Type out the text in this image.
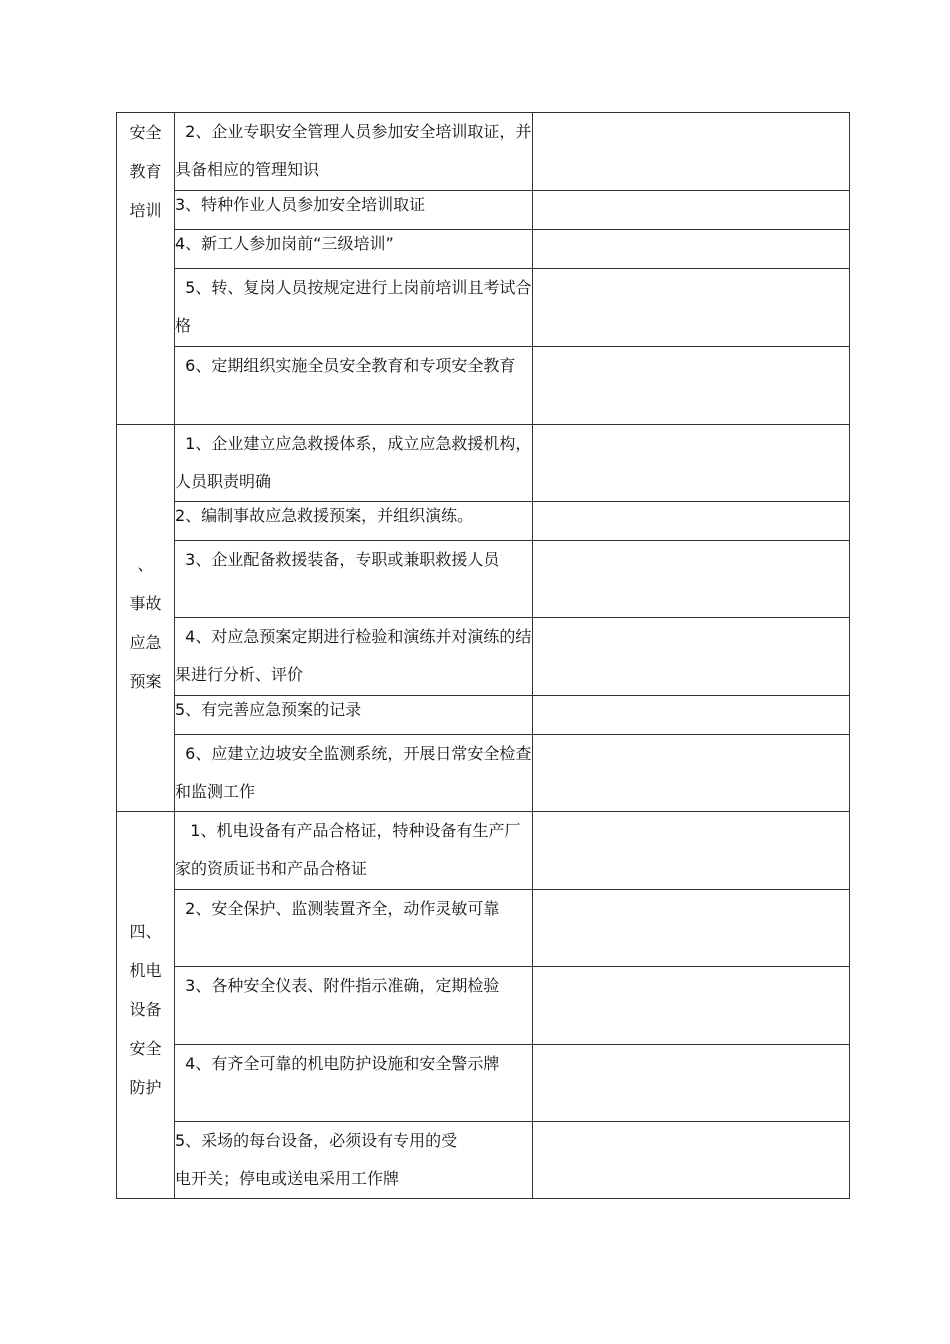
安全
教育
培训	2、企业专职安全管理人员参加安全培训取证，并具备相应的管理知识	

	3、特种作业人员参加安全培训取证	

	4、新工人参加岗前“三级培训”	

	5、转、复岗人员按规定进行上岗前培训且考试合格	

	6、定期组织实施全员安全教育和专项安全教育	

、
事故
应急
预案	1、企业建立应急救援体系，成立应急救援机构，人员职责明确	

	2、编制事故应急救援预案，并组织演练。	

	3、企业配备救援装备，专职或兼职救援人员	

	4、对应急预案定期进行检验和演练并对演练的结果进行分析、评价	

	5、有完善应急预案的记录	

	6、应建立边坡安全监测系统，开展日常安全检查和监测工作	

四、
机电
设备
安全
防护	1、机电设备有产品合格证，特种设备有生产厂家的资质证书和产品合格证	

	2、安全保护、监测装置齐全，动作灵敏可靠	

	3、各种安全仪表、附件指示准确，定期检验	

	4、有齐全可靠的机电防护设施和安全警示牌	

	5、采场的每台设备，必须设有专用的受
电开关；停电或送电采用工作牌	
